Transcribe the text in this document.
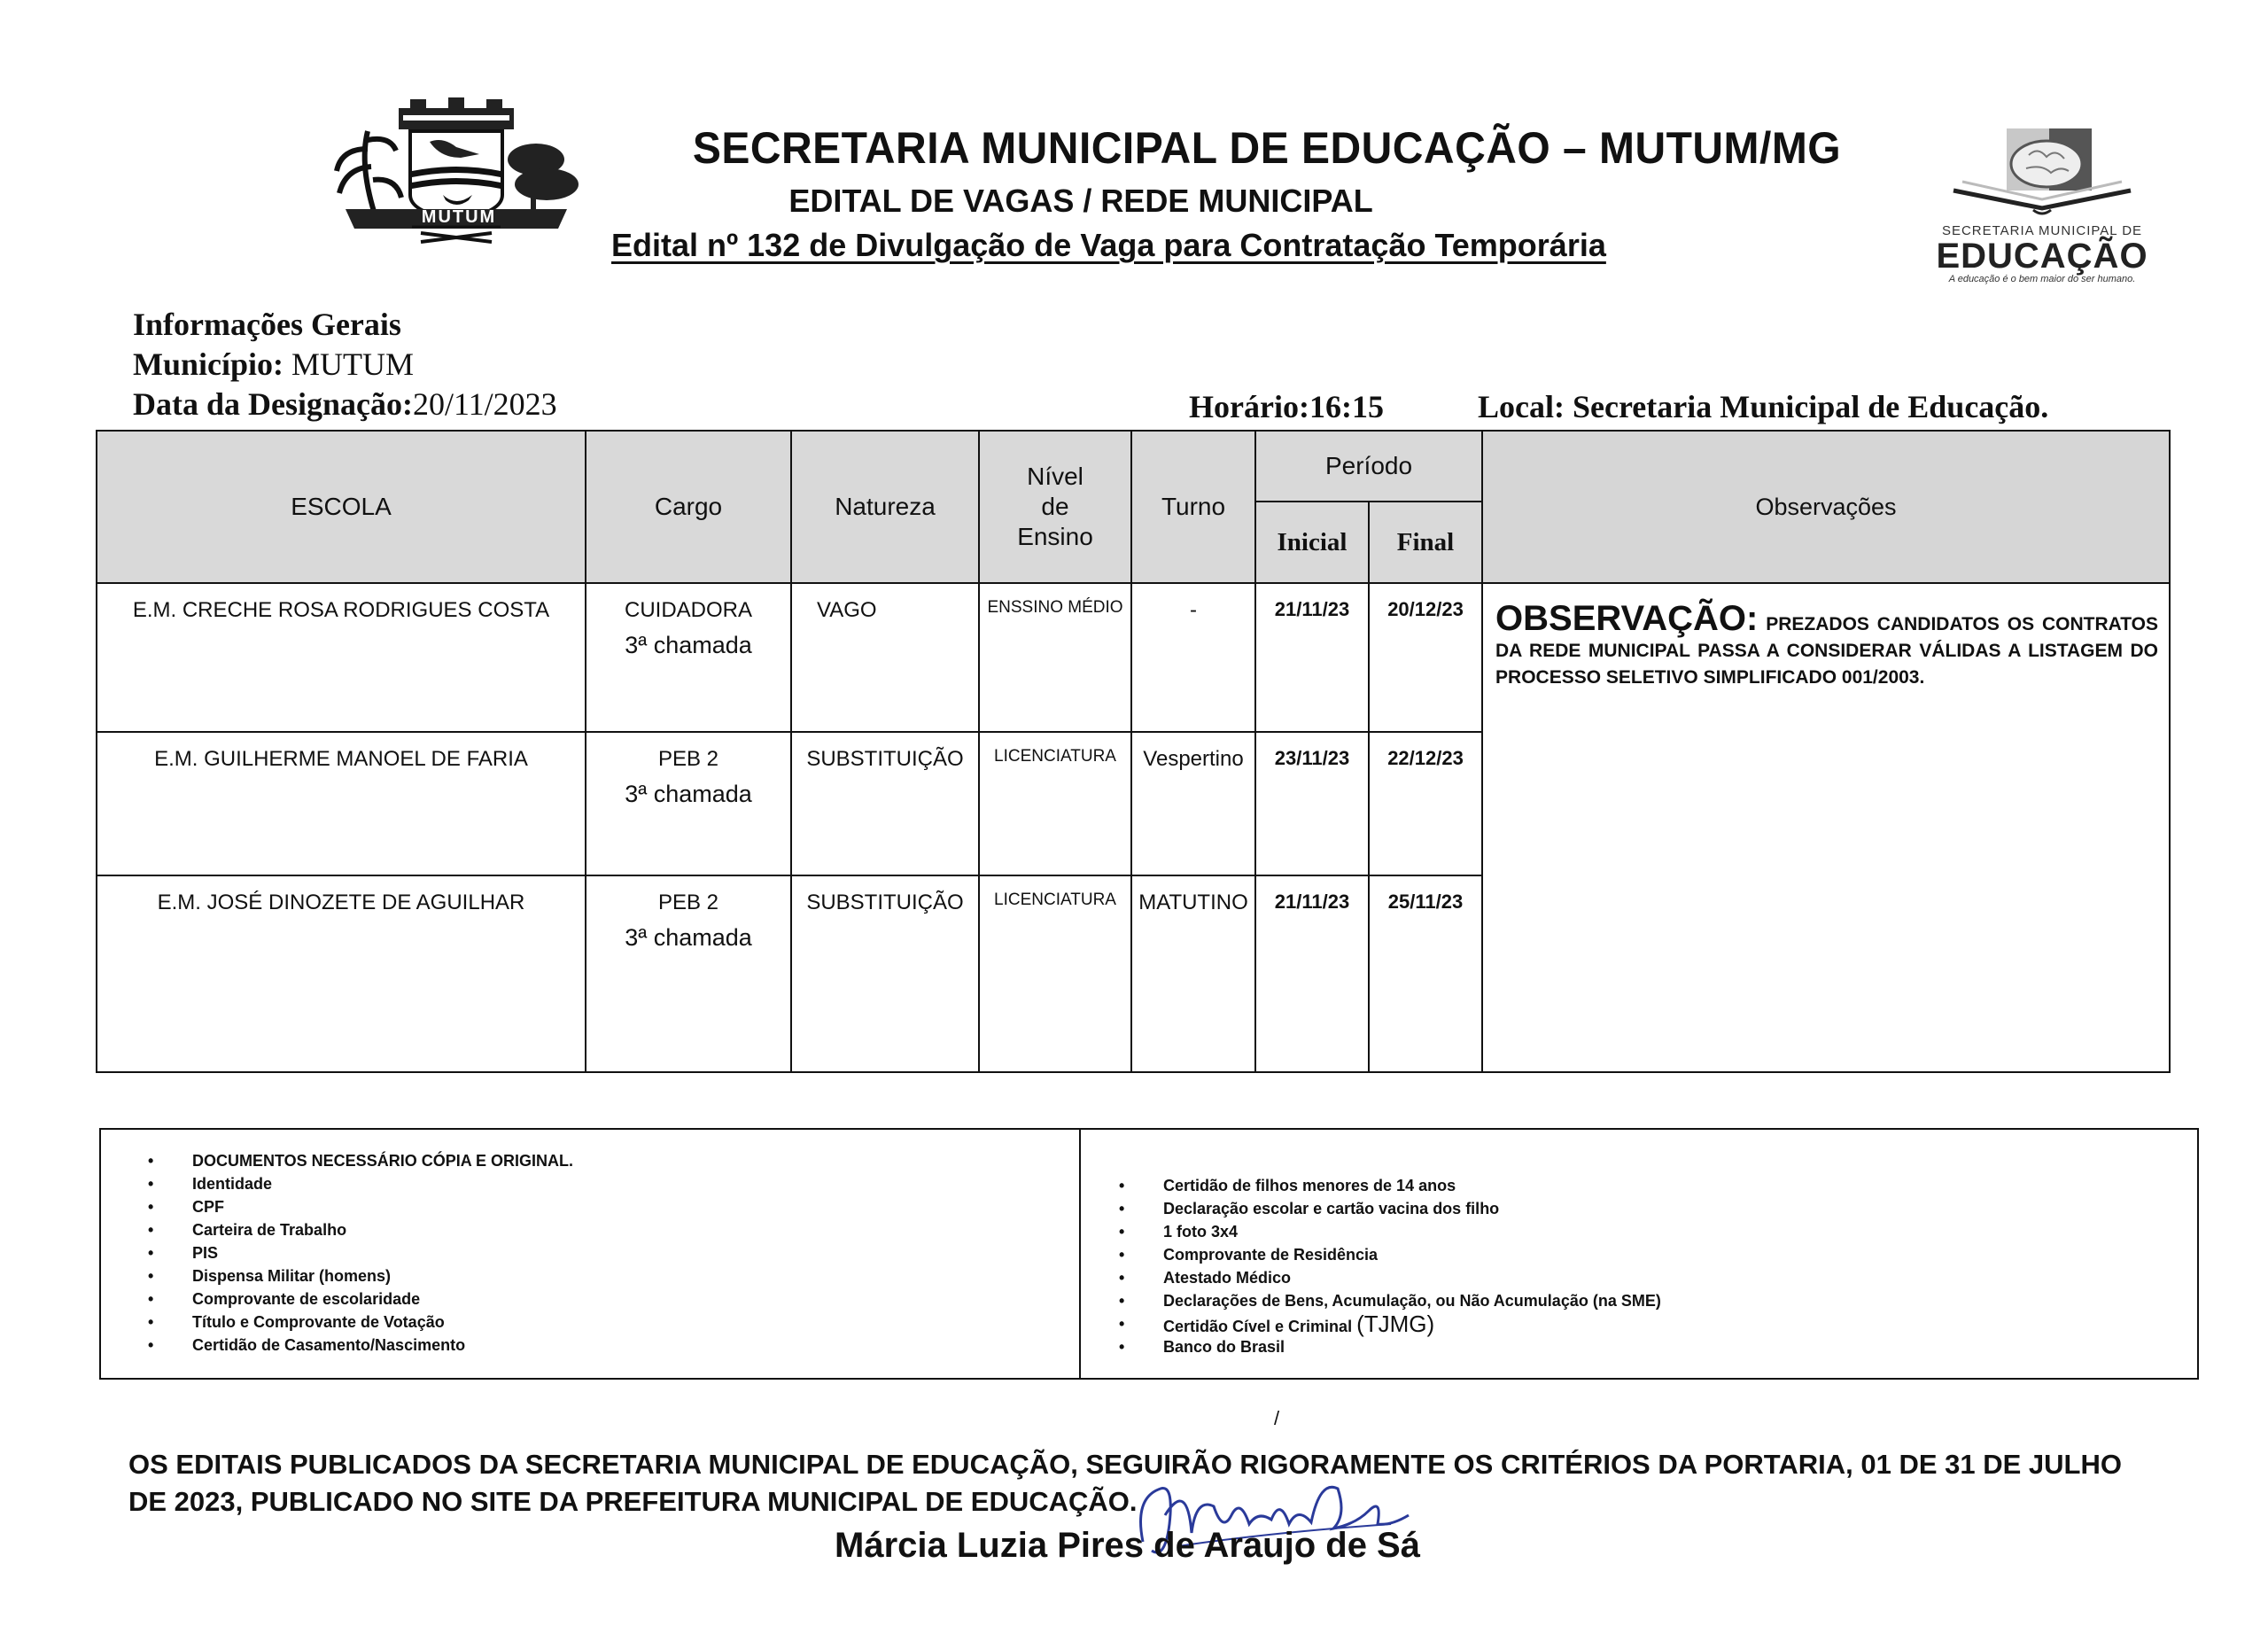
MUTUM
SECRETARIA MUNICIPAL DE EDUCAÇÃO – MUTUM/MG
EDITAL DE VAGAS / REDE MUNICIPAL
Edital nº 132 de Divulgação de Vaga para Contratação Temporária	SECRETARIA MUNICIPAL DE
EDUCAÇÃO
A educação é o bem maior do ser humano.
Informações Gerais
Município: MUTUM
Data da Designação:20/11/2023	Horário:16:15	Local: Secretaria Municipal de Educação.
ESCOLA	Cargo	Natureza	Nível
de
Ensino	Turno	Período		Observações
					Inicial	Final	
E.M. CRECHE ROSA RODRIGUES COSTA	CUIDADORA
3ª chamada	VAGO	ENSSINO MÉDIO	-	21/11/23	20/12/23	OBSERVAÇÃO: PREZADOS CANDIDATOS OS CONTRATOS DA REDE MUNICIPAL PASSA A CONSIDERAR VÁLIDAS A LISTAGEM DO PROCESSO SELETIVO SIMPLIFICADO 001/2003.

E.M. GUILHERME MANOEL DE FARIA	PEB 2
3ª chamada	SUBSTITUIÇÃO	LICENCIATURA	Vespertino	23/11/23	22/12/23	
E.M. JOSÉ DINOZETE DE AGUILHAR	PEB 2
3ª chamada	SUBSTITUIÇÃO	LICENCIATURA	MATUTINO	21/11/23	25/11/23	
• DOCUMENTOS NECESSÁRIO CÓPIA E ORIGINAL.
• Identidade
• CPF
• Carteira de Trabalho
• PIS
• Dispensa Militar (homens)
• Comprovante de escolaridade
• Título e Comprovante de Votação
• Certidão de Casamento/Nascimento
• Certidão de filhos menores de 14 anos
• Declaração escolar e cartão vacina dos filho
• 1 foto 3x4
• Comprovante de Residência
• Atestado Médico
• Declarações de Bens, Acumulação, ou Não Acumulação (na SME)
• Certidão Cível e Criminal (TJMG)
• Banco do Brasil
/
OS EDITAIS PUBLICADOS DA SECRETARIA MUNICIPAL DE EDUCAÇÃO, SEGUIRÃO RIGORAMENTE OS CRITÉRIOS DA PORTARIA, 01 DE 31 DE JULHO DE 2023, PUBLICADO NO SITE DA PREFEITURA MUNICIPAL DE EDUCAÇÃO.
Márcia Luzia Pires de Araujo de Sá
